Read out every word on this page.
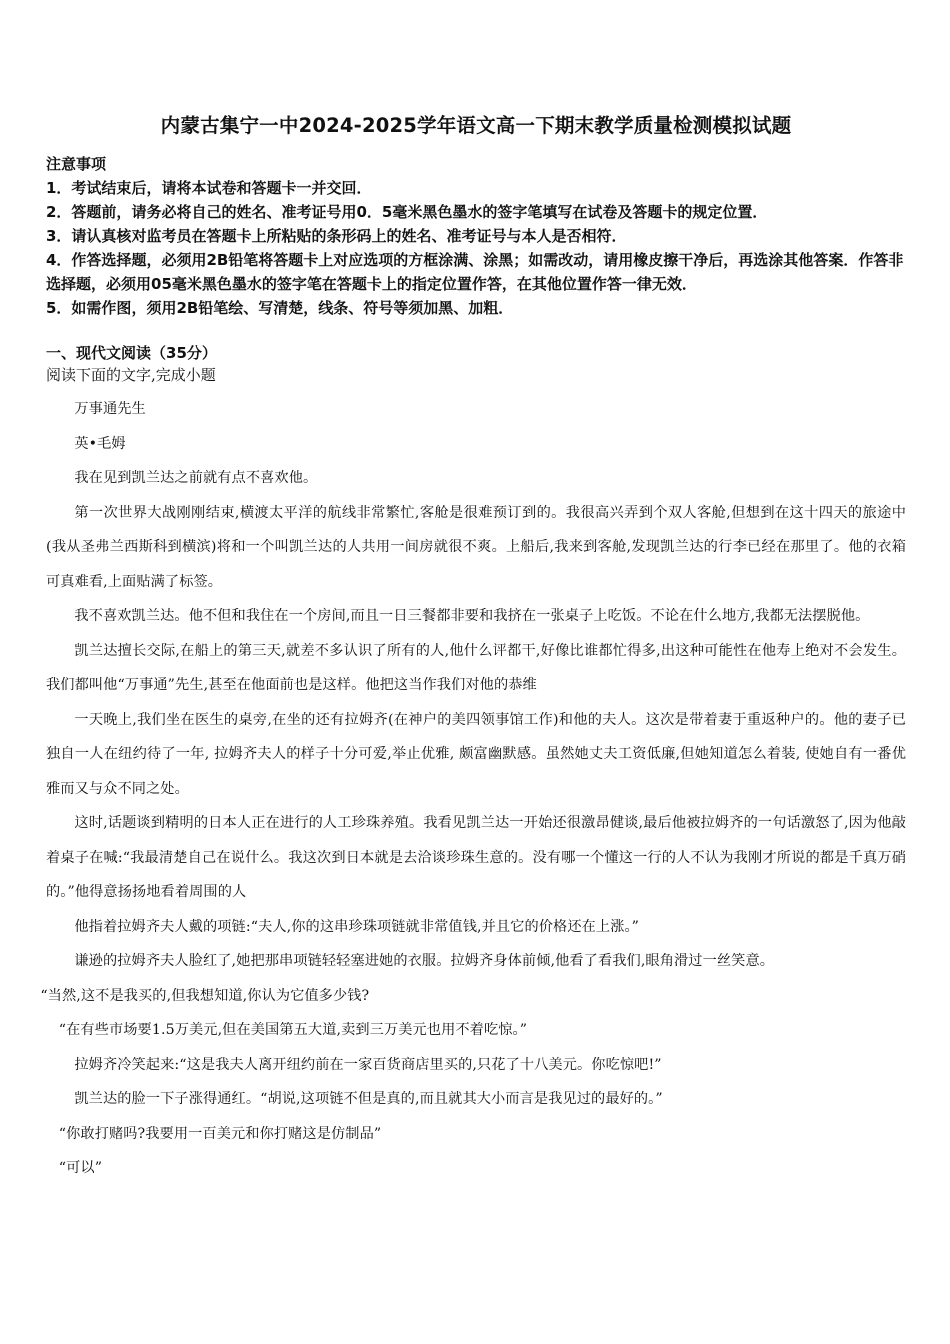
内蒙古集宁一中2024-2025学年语文高一下期末教学质量检测模拟试题
注意事项

1．考试结束后，请将本试卷和答题卡一并交回．

2．答题前，请务必将自己的姓名、准考证号用0．5毫米黑色墨水的签字笔填写在试卷及答题卡的规定位置．

3．请认真核对监考员在答题卡上所粘贴的条形码上的姓名、准考证号与本人是否相符．

4．作答选择题，必须用2B铅笔将答题卡上对应选项的方框涂满、涂黑；如需改动，请用橡皮擦干净后，再选涂其他答案．作答非选择题，必须用05毫米黑色墨水的签字笔在答题卡上的指定位置作答，在其他位置作答一律无效．

5．如需作图，须用2B铅笔绘、写清楚，线条、符号等须加黑、加粗．

一、现代文阅读（35分）
阅读下面的文字,完成小题

万事通先生

英•毛姆

我在见到凯兰达之前就有点不喜欢他。

第一次世界大战刚刚结束,横渡太平洋的航线非常繁忙,客舱是很难预订到的。我很高兴弄到个双人客舱,但想到在这十四天的旅途中(我从圣弗兰西斯科到横滨)将和一个叫凯兰达的人共用一间房就很不爽。上船后,我来到客舱,发现凯兰达的行李已经在那里了。他的衣箱可真难看,上面贴满了标签。

我不喜欢凯兰达。他不但和我住在一个房间,而且一日三餐都非要和我挤在一张桌子上吃饭。不论在什么地方,我都无法摆脱他。

凯兰达擅长交际,在船上的第三天,就差不多认识了所有的人,他什么评都干,好像比谁都忙得多,出这种可能性在他寿上绝对不会发生。我们都叫他“万事通”先生,甚至在他面前也是这样。他把这当作我们对他的恭维

一天晚上,我们坐在医生的桌旁,在坐的还有拉姆齐(在神户的美四领事馆工作)和他的夫人。这次是带着妻于重返种户的。他的妻子已独自一人在纽约待了一年, 拉姆齐夫人的样子十分可爱,举止优雅, 颇富幽默感。虽然她丈夫工资低廉,但她知道怎么着装, 使她自有一番优雅而又与众不同之处。

这时,话题谈到精明的日本人正在进行的人工珍珠养殖。我看见凯兰达一开始还很激昂健谈,最后他被拉姆齐的一句话激怒了,因为他敲着桌子在喊:“我最清楚自己在说什么。我这次到日本就是去洽谈珍珠生意的。没有哪一个懂这一行的人不认为我刚才所说的都是千真万硝的。”他得意扬扬地看着周围的人

他指着拉姆齐夫人戴的项链:“夫人,你的这串珍珠项链就非常值钱,并且它的价格还在上涨。”

谦逊的拉姆齐夫人脸红了,她把那串项链轻轻塞进她的衣服。拉姆齐身体前倾,他看了看我们,眼角滑过一丝笑意。

“当然,这不是我买的,但我想知道,你认为它值多少钱?

“在有些市场要1.5万美元,但在美国第五大道,卖到三万美元也用不着吃惊。”

拉姆齐冷笑起来:“这是我夫人离开纽约前在一家百货商店里买的,只花了十八美元。你吃惊吧!”

凯兰达的脸一下子涨得通红。“胡说,这项链不但是真的,而且就其大小而言是我见过的最好的。”

“你敢打赌吗?我要用一百美元和你打赌这是仿制品”

“可以”
